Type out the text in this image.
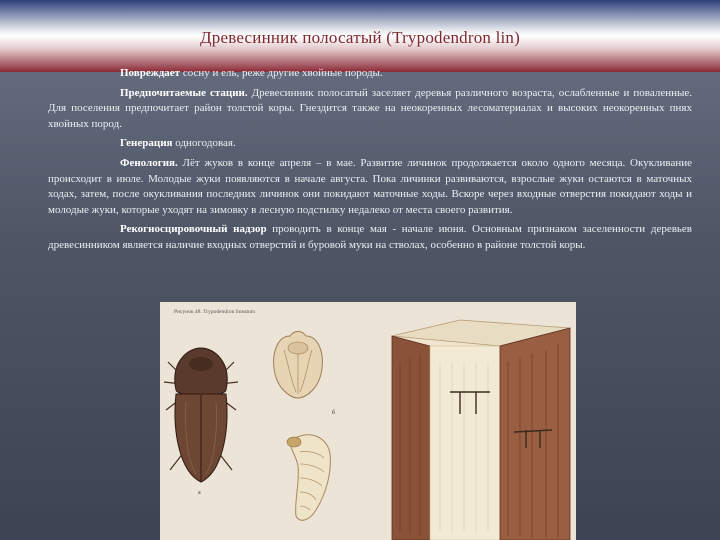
Древесинник полосатый (Trypodendron lin)

Повреждает сосну и ель, реже другие хвойные породы.

Предпочитаемые стации. Древесинник полосатый заселяет деревья различного возраста, ослабленные и поваленные. Для поселения предпочитает район толстой коры. Гнездится также на неокоренных лесоматериалах и высоких неокоренных пнях хвойных пород.

Генерация одногодовая.

Фенология. Лёт жуков в конце апреля – в мае. Развитие личинок продолжается около одного месяца. Окукливание происходит в июле. Молодые жуки появляются в начале августа. Пока личинки развиваются, взрослые жуки остаются в маточных ходах, затем, после окукливания последних личинок они покидают маточные ходы. Вскоре через входные отверстия покидают ходы и молодые жуки, которые уходят на зимовку в лесную подстилку недалеко от места своего развития.

Рекогносцировочный надзор проводить в конце мая - начале июня. Основным признаком заселенности деревьев древесинником является наличие входных отверстий и буровой муки на стволах, особенно в районе толстой коры.

Рисунок 48. Trypodendron lineatum
а
б
